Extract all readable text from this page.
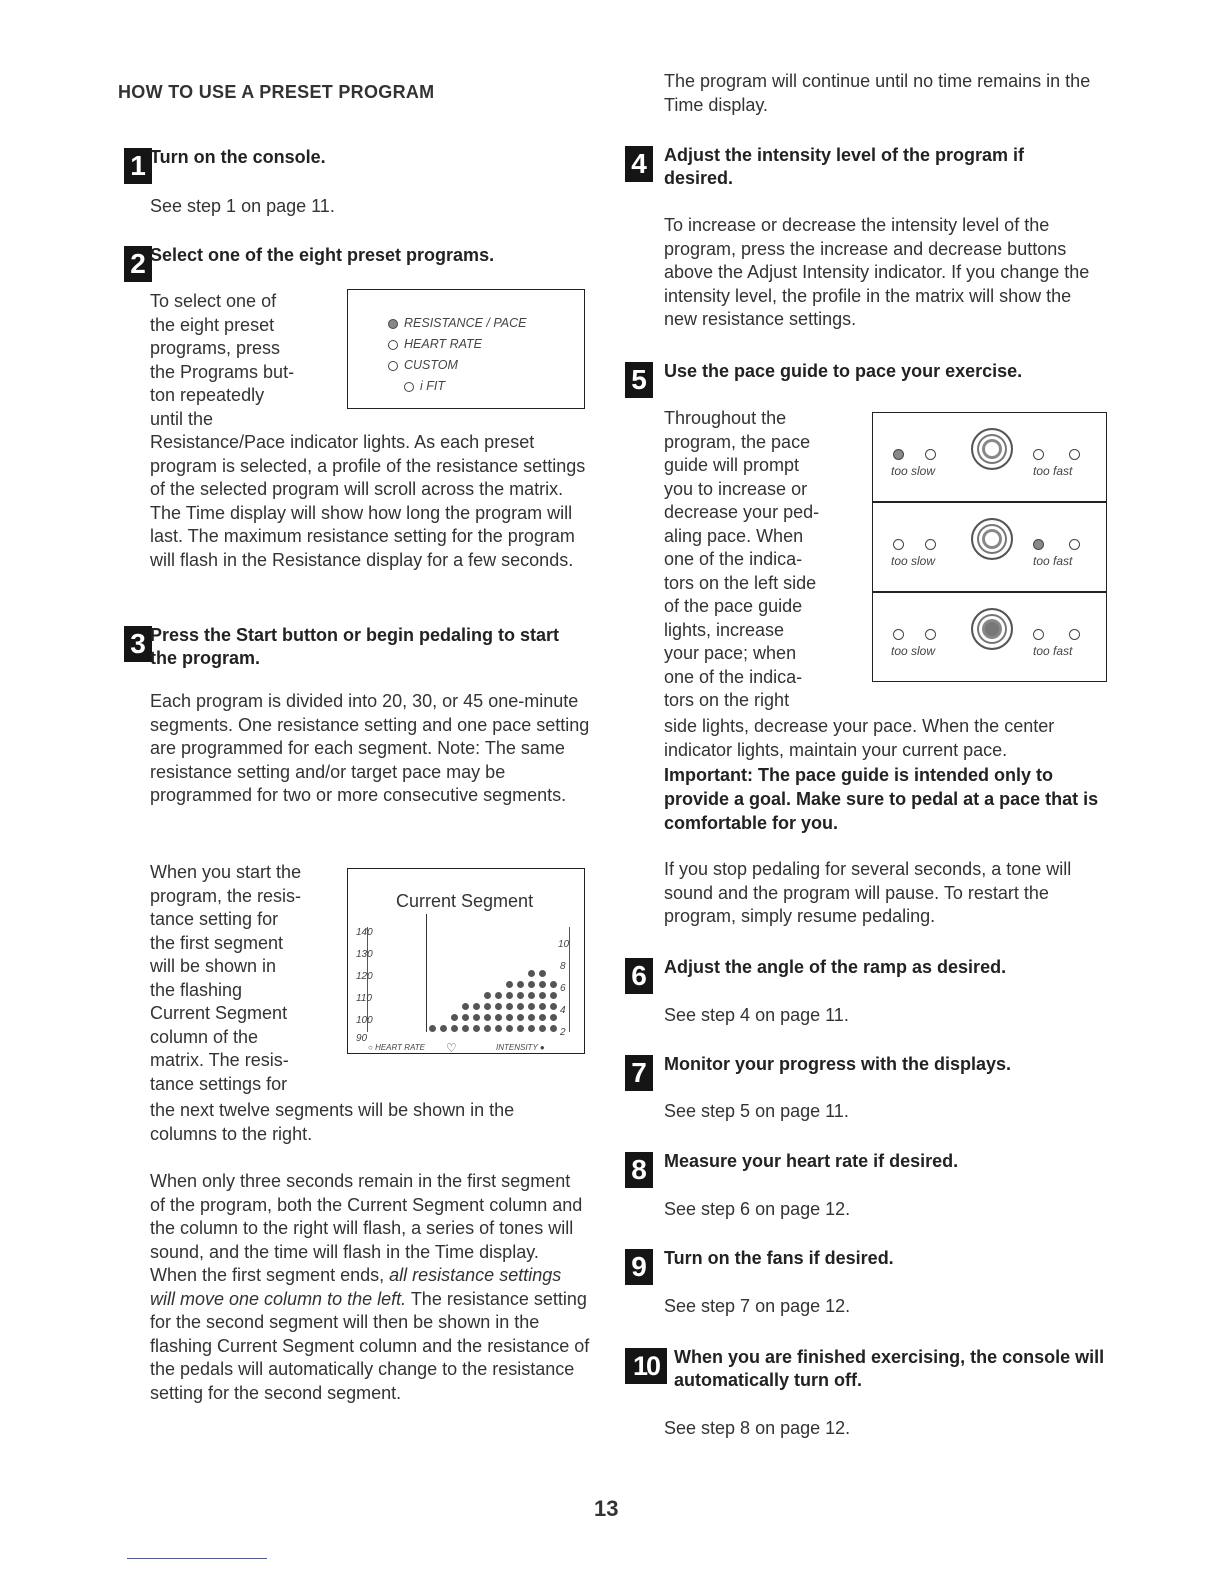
HOW TO USE A PRESET PROGRAM
1 Turn on the console.
See step 1 on page 11.
2 Select one of the eight preset programs.
To select one of
the eight preset
programs, press
the Programs but-
ton repeatedly
until the
Resistance/Pace indicator lights. As each preset program is selected, a profile of the resistance settings of the selected program will scroll across the matrix. The Time display will show how long the program will last. The maximum resistance setting for the program will flash in the Resistance display for a few seconds.
RESISTANCE / PACE
HEART RATE
CUSTOM
i FIT
3 Press the Start button or begin pedaling to start the program.
Each program is divided into 20, 30, or 45 one-minute segments. One resistance setting and one pace setting are programmed for each segment. Note: The same resistance setting and/or target pace may be programmed for two or more consecutive segments.
When you start the
program, the resis-
tance setting for
the first segment
will be shown in
the flashing
Current Segment
column of the
matrix. The resis-
tance settings for
the next twelve segments will be shown in the columns to the right.
Current Segment
140
130
120
110
100
90
10
8
6
4
2
○ HEART RATE ♡	INTENSITY ●
When only three seconds remain in the first segment of the program, both the Current Segment column and the column to the right will flash, a series of tones will sound, and the time will flash in the Time display. When the first segment ends, all resistance settings will move one column to the left. The resistance setting for the second segment will then be shown in the flashing Current Segment column and the resistance of the pedals will automatically change to the resistance setting for the second segment.
The program will continue until no time remains in the Time display.
4 Adjust the intensity level of the program if desired.
To increase or decrease the intensity level of the program, press the increase and decrease buttons above the Adjust Intensity indicator. If you change the intensity level, the profile in the matrix will show the new resistance settings.
5 Use the pace guide to pace your exercise.
Throughout the
program, the pace
guide will prompt
you to increase or
decrease your ped-
aling pace. When
one of the indica-
tors on the left side
of the pace guide
lights, increase
your pace; when
one of the indica-
tors on the right
side lights, decrease your pace. When the center indicator lights, maintain your current pace.
Important: The pace guide is intended only to provide a goal. Make sure to pedal at a pace that is comfortable for you.
If you stop pedaling for several seconds, a tone will sound and the program will pause. To restart the program, simply resume pedaling.
too slow	too fast
too slow	too fast
too slow	too fast
6 Adjust the angle of the ramp as desired.
See step 4 on page 11.
7 Monitor your progress with the displays.
See step 5 on page 11.
8 Measure your heart rate if desired.
See step 6 on page 12.
9 Turn on the fans if desired.
See step 7 on page 12.
10 When you are finished exercising, the console will automatically turn off.
See step 8 on page 12.
13
